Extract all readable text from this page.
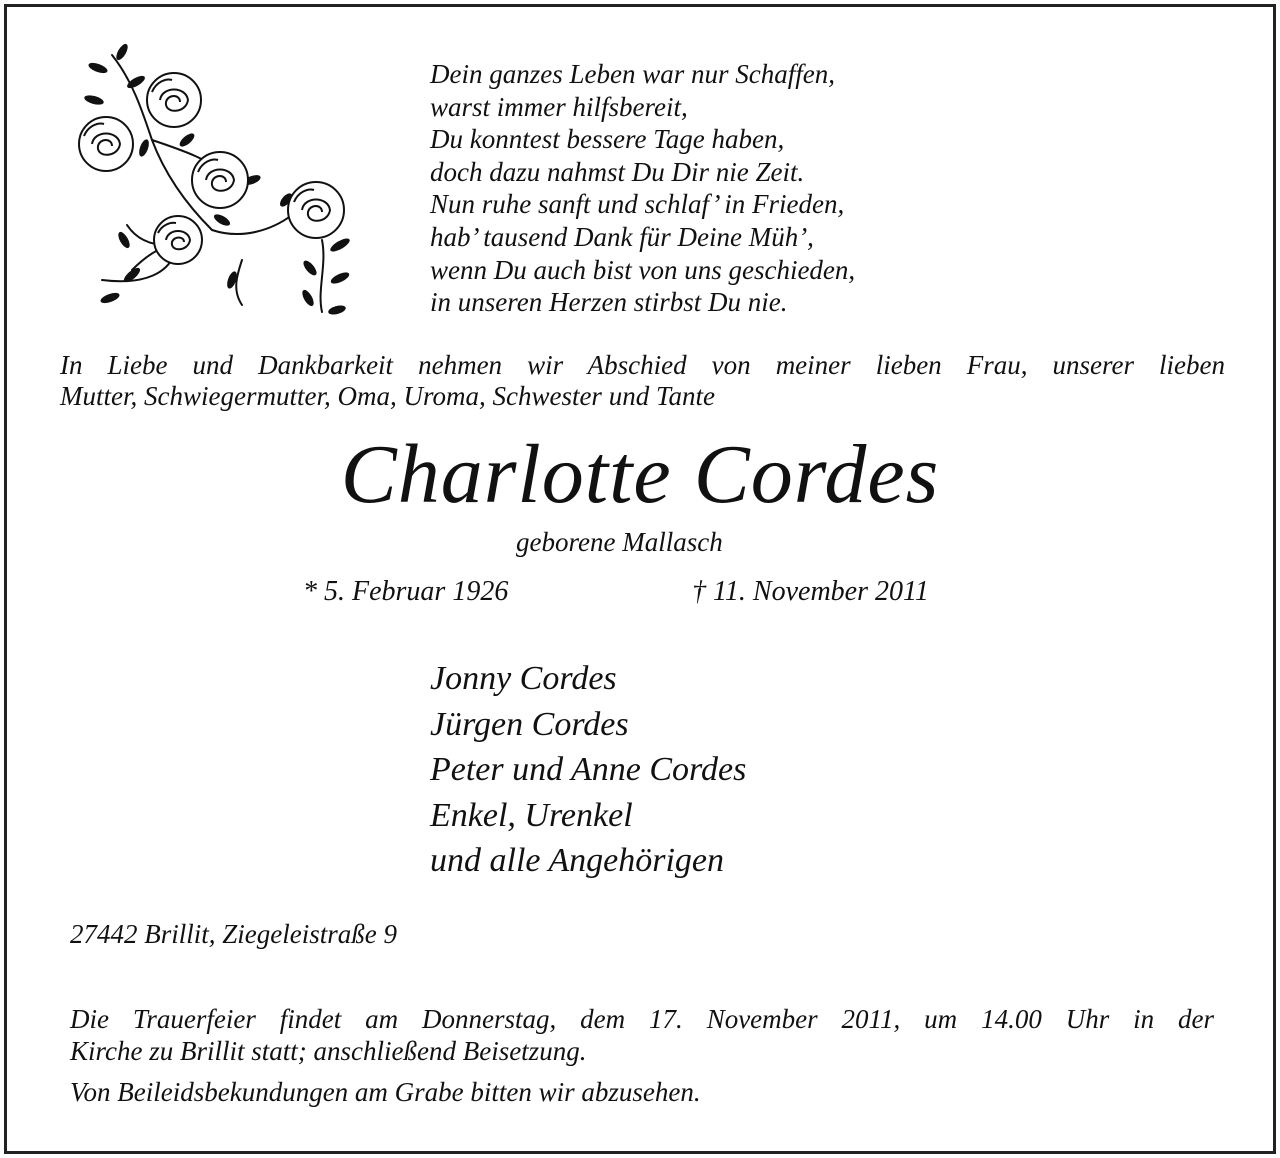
Dein ganzes Leben war nur Schaffen,
warst immer hilfsbereit,
Du konntest bessere Tage haben,
doch dazu nahmst Du Dir nie Zeit.
Nun ruhe sanft und schlaf’ in Frieden,
hab’ tausend Dank für Deine Müh’,
wenn Du auch bist von uns geschieden,
in unseren Herzen stirbst Du nie.
In Liebe und Dankbarkeit nehmen wir Abschied von meiner lieben Frau, unserer lieben
Mutter, Schwiegermutter, Oma, Uroma, Schwester und Tante
Charlotte Cordes
geborene Mallasch
* 5. Februar 1926	† 11. November 2011
Jonny Cordes
Jürgen Cordes
Peter und Anne Cordes
Enkel, Urenkel
und alle Angehörigen
27442 Brillit, Ziegeleistraße 9
Die Trauerfeier findet am Donnerstag, dem 17. November 2011, um 14.00 Uhr in der
Kirche zu Brillit statt; anschließend Beisetzung.
Von Beileidsbekundungen am Grabe bitten wir abzusehen.
